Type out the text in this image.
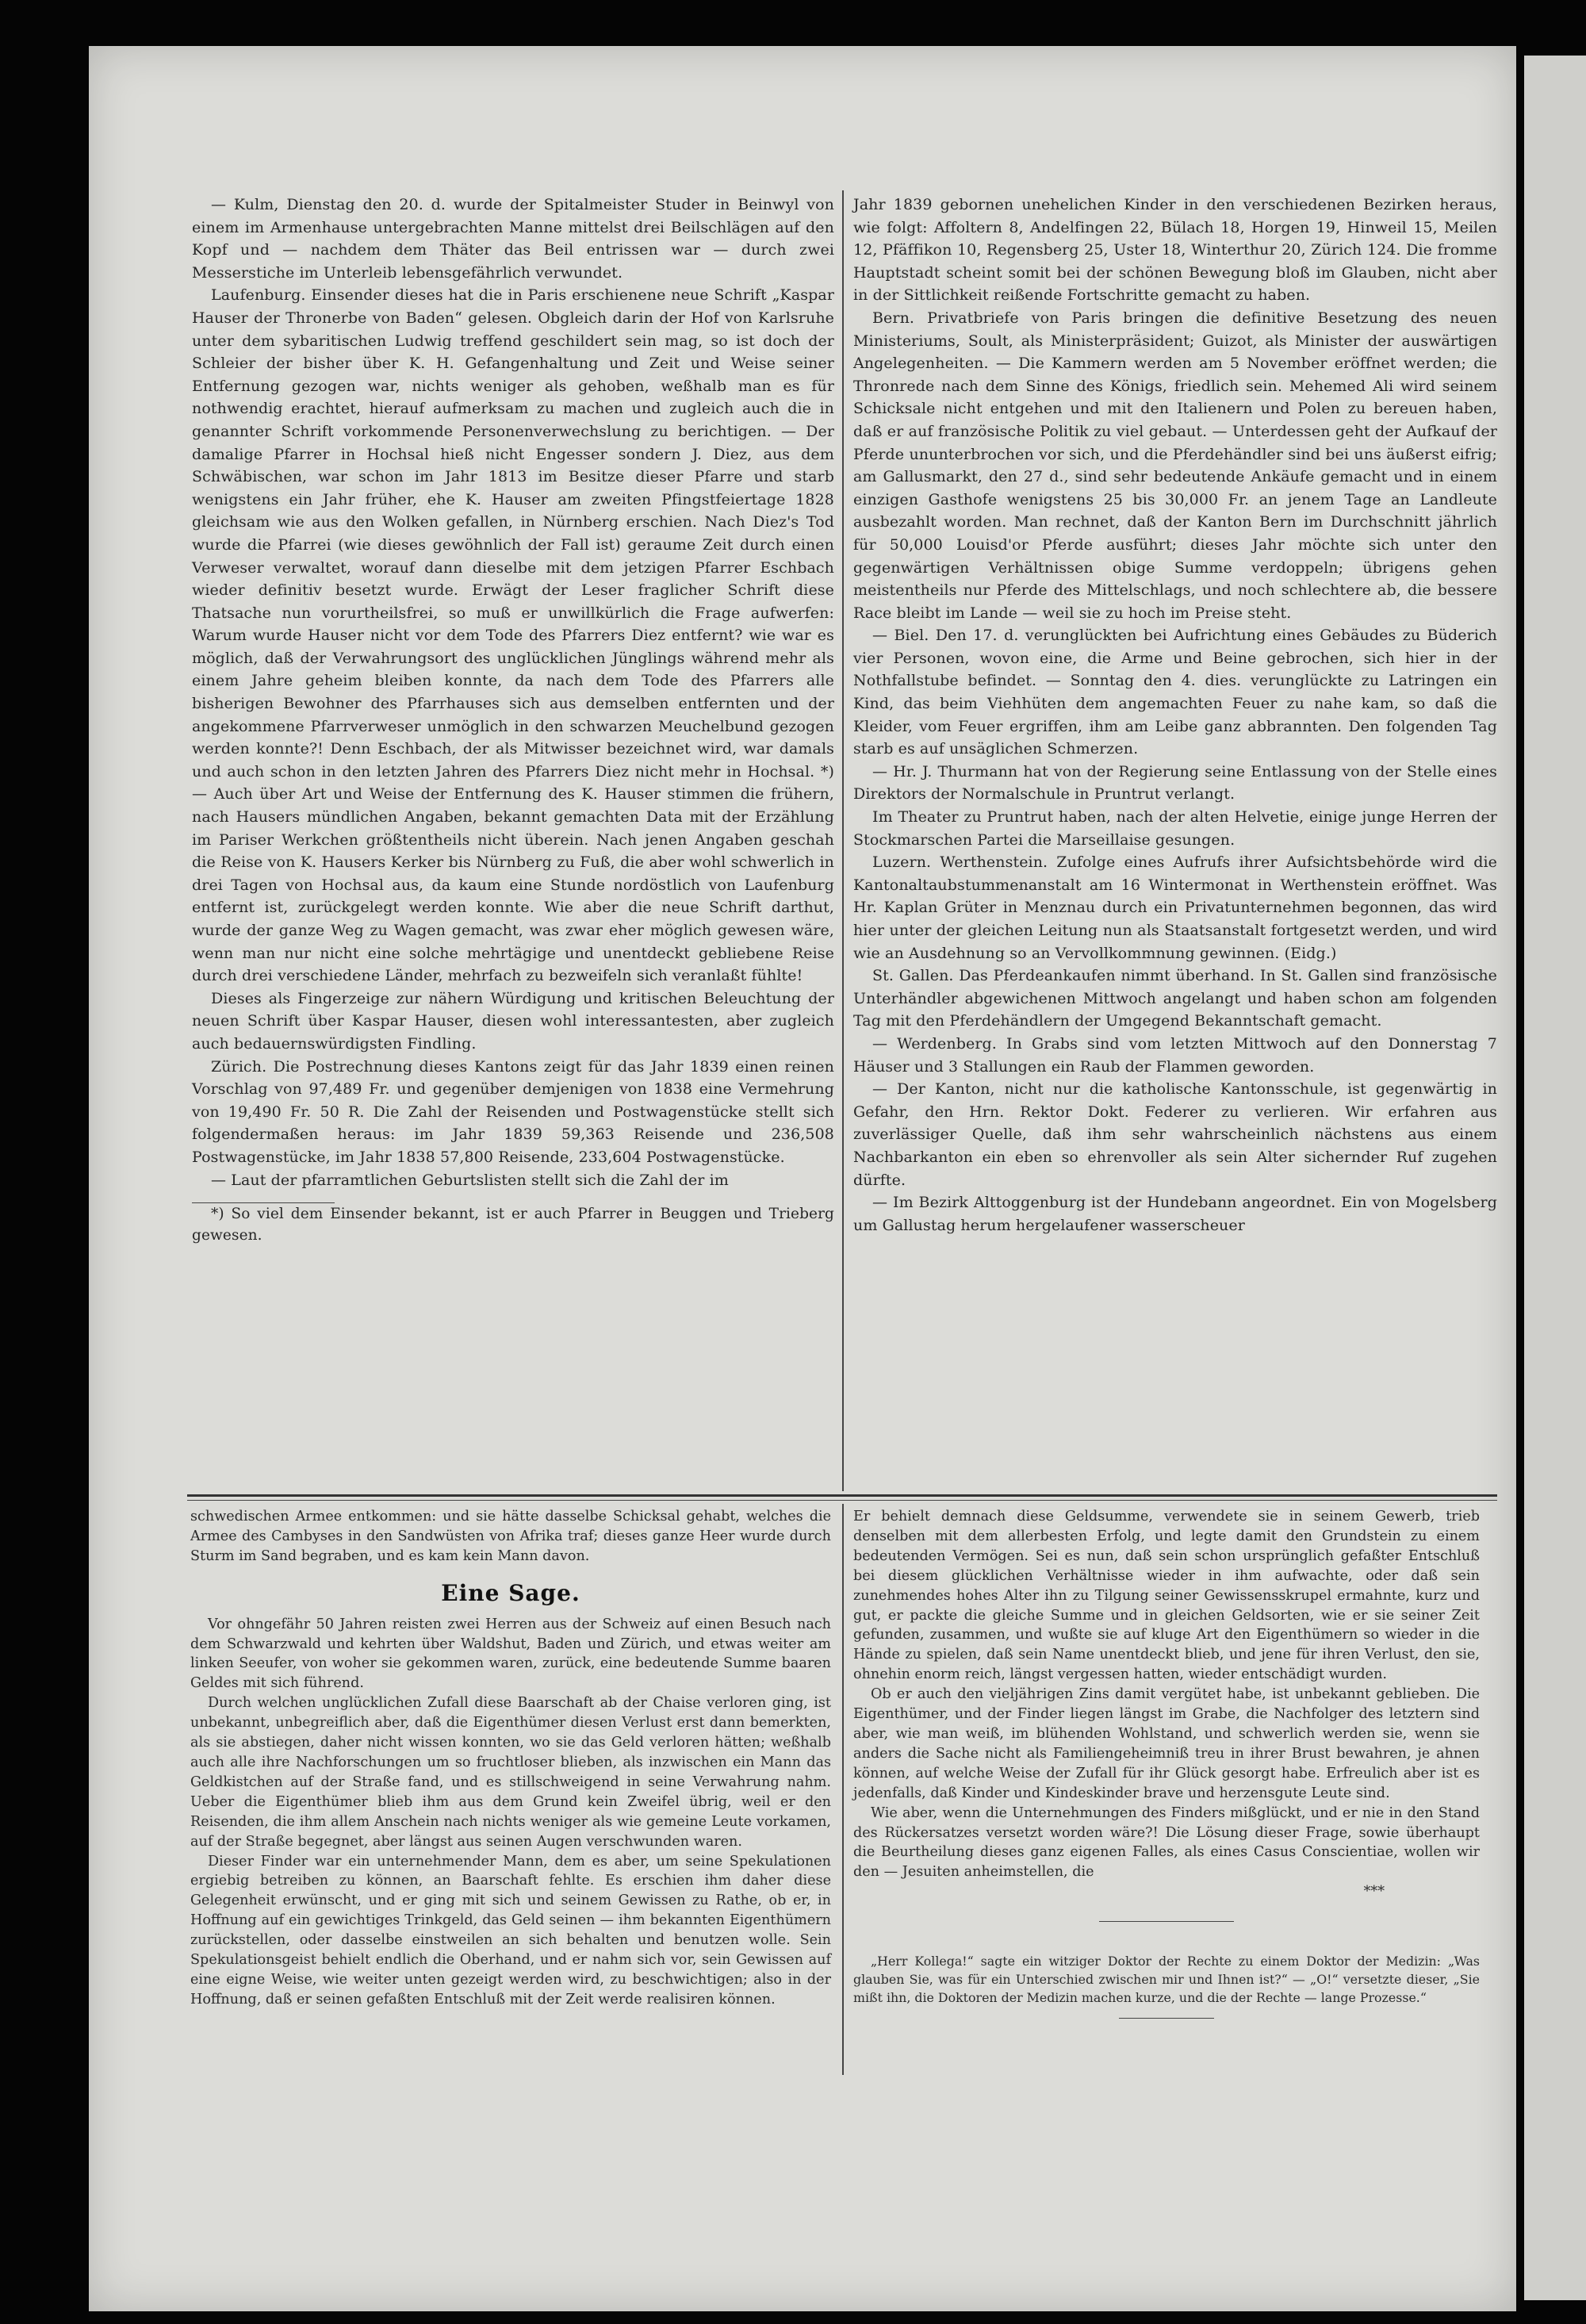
— Kulm, Dienstag den 20. d. wurde der Spitalmeister Studer in Beinwyl von einem im Armenhause untergebrachten Manne mittelst drei Beilschlägen auf den Kopf und — nachdem dem Thäter das Beil entrissen war — durch zwei Messerstiche im Unterleib lebensgefährlich verwundet.

Laufenburg. Einsender dieses hat die in Paris erschienene neue Schrift „Kaspar Hauser der Thronerbe von Baden“ gelesen. Obgleich darin der Hof von Karlsruhe unter dem sybaritischen Ludwig treffend geschildert sein mag, so ist doch der Schleier der bisher über K. H. Gefangenhaltung und Zeit und Weise seiner Entfernung gezogen war, nichts weniger als gehoben, weßhalb man es für nothwendig erachtet, hierauf aufmerksam zu machen und zugleich auch die in genannter Schrift vorkommende Personenverwechslung zu berichtigen. — Der damalige Pfarrer in Hochsal hieß nicht Engesser sondern J. Diez, aus dem Schwäbischen, war schon im Jahr 1813 im Besitze dieser Pfarre und starb wenigstens ein Jahr früher, ehe K. Hauser am zweiten Pfingstfeiertage 1828 gleichsam wie aus den Wolken gefallen, in Nürnberg erschien. Nach Diez's Tod wurde die Pfarrei (wie dieses gewöhnlich der Fall ist) geraume Zeit durch einen Verweser verwaltet, worauf dann dieselbe mit dem jetzigen Pfarrer Eschbach wieder definitiv besetzt wurde. Erwägt der Leser fraglicher Schrift diese Thatsache nun vorurtheilsfrei, so muß er unwillkürlich die Frage aufwerfen: Warum wurde Hauser nicht vor dem Tode des Pfarrers Diez entfernt? wie war es möglich, daß der Verwahrungsort des unglücklichen Jünglings während mehr als einem Jahre geheim bleiben konnte, da nach dem Tode des Pfarrers alle bisherigen Bewohner des Pfarrhauses sich aus demselben entfernten und der angekommene Pfarrverweser unmöglich in den schwarzen Meuchelbund gezogen werden konnte?! Denn Eschbach, der als Mitwisser bezeichnet wird, war damals und auch schon in den letzten Jahren des Pfarrers Diez nicht mehr in Hochsal. *) — Auch über Art und Weise der Entfernung des K. Hauser stimmen die frühern, nach Hausers mündlichen Angaben, bekannt gemachten Data mit der Erzählung im Pariser Werkchen größtentheils nicht überein. Nach jenen Angaben geschah die Reise von K. Hausers Kerker bis Nürnberg zu Fuß, die aber wohl schwerlich in drei Tagen von Hochsal aus, da kaum eine Stunde nordöstlich von Laufenburg entfernt ist, zurückgelegt werden konnte. Wie aber die neue Schrift darthut, wurde der ganze Weg zu Wagen gemacht, was zwar eher möglich gewesen wäre, wenn man nur nicht eine solche mehrtägige und unentdeckt gebliebene Reise durch drei verschiedene Länder, mehrfach zu bezweifeln sich veranlaßt fühlte!

Dieses als Fingerzeige zur nähern Würdigung und kritischen Beleuchtung der neuen Schrift über Kaspar Hauser, diesen wohl interessantesten, aber zugleich auch bedauernswürdigsten Findling.

Zürich. Die Postrechnung dieses Kantons zeigt für das Jahr 1839 einen reinen Vorschlag von 97,489 Fr. und gegenüber demjenigen von 1838 eine Vermehrung von 19,490 Fr. 50 R. Die Zahl der Reisenden und Postwagenstücke stellt sich folgendermaßen heraus: im Jahr 1839 59,363 Reisende und 236,508 Postwagenstücke, im Jahr 1838 57,800 Reisende, 233,604 Postwagenstücke.

— Laut der pfarramtlichen Geburtslisten stellt sich die Zahl der im

*) So viel dem Einsender bekannt, ist er auch Pfarrer in Beuggen und Trieberg gewesen.

Jahr 1839 gebornen unehelichen Kinder in den verschiedenen Bezirken heraus, wie folgt: Affoltern 8, Andelfingen 22, Bülach 18, Horgen 19, Hinweil 15, Meilen 12, Pfäffikon 10, Regensberg 25, Uster 18, Winterthur 20, Zürich 124. Die fromme Hauptstadt scheint somit bei der schönen Bewegung bloß im Glauben, nicht aber in der Sittlichkeit reißende Fortschritte gemacht zu haben.

Bern. Privatbriefe von Paris bringen die definitive Besetzung des neuen Ministeriums, Soult, als Ministerpräsident; Guizot, als Minister der auswärtigen Angelegenheiten. — Die Kammern werden am 5 November eröffnet werden; die Thronrede nach dem Sinne des Königs, friedlich sein. Mehemed Ali wird seinem Schicksale nicht entgehen und mit den Italienern und Polen zu bereuen haben, daß er auf französische Politik zu viel gebaut. — Unterdessen geht der Aufkauf der Pferde ununterbrochen vor sich, und die Pferdehändler sind bei uns äußerst eifrig; am Gallusmarkt, den 27 d., sind sehr bedeutende Ankäufe gemacht und in einem einzigen Gasthofe wenigstens 25 bis 30,000 Fr. an jenem Tage an Landleute ausbezahlt worden. Man rechnet, daß der Kanton Bern im Durchschnitt jährlich für 50,000 Louisd'or Pferde ausführt; dieses Jahr möchte sich unter den gegenwärtigen Verhältnissen obige Summe verdoppeln; übrigens gehen meistentheils nur Pferde des Mittelschlags, und noch schlechtere ab, die bessere Race bleibt im Lande — weil sie zu hoch im Preise steht.

— Biel. Den 17. d. verunglückten bei Aufrichtung eines Gebäudes zu Büderich vier Personen, wovon eine, die Arme und Beine gebrochen, sich hier in der Nothfallstube befindet. — Sonntag den 4. dies. verunglückte zu Latringen ein Kind, das beim Viehhüten dem angemachten Feuer zu nahe kam, so daß die Kleider, vom Feuer ergriffen, ihm am Leibe ganz abbrannten. Den folgenden Tag starb es auf unsäglichen Schmerzen.

— Hr. J. Thurmann hat von der Regierung seine Entlassung von der Stelle eines Direktors der Normalschule in Pruntrut verlangt.

Im Theater zu Pruntrut haben, nach der alten Helvetie, einige junge Herren der Stockmarschen Partei die Marseillaise gesungen.

Luzern. Werthenstein. Zufolge eines Aufrufs ihrer Aufsichtsbehörde wird die Kantonaltaubstummenanstalt am 16 Wintermonat in Werthenstein eröffnet. Was Hr. Kaplan Grüter in Menznau durch ein Privatunternehmen begonnen, das wird hier unter der gleichen Leitung nun als Staatsanstalt fortgesetzt werden, und wird wie an Ausdehnung so an Vervollkommnung gewinnen. (Eidg.)

St. Gallen. Das Pferdeankaufen nimmt überhand. In St. Gallen sind französische Unterhändler abgewichenen Mittwoch angelangt und haben schon am folgenden Tag mit den Pferdehändlern der Umgegend Bekanntschaft gemacht.

— Werdenberg. In Grabs sind vom letzten Mittwoch auf den Donnerstag 7 Häuser und 3 Stallungen ein Raub der Flammen geworden.

— Der Kanton, nicht nur die katholische Kantonsschule, ist gegenwärtig in Gefahr, den Hrn. Rektor Dokt. Federer zu verlieren. Wir erfahren aus zuverlässiger Quelle, daß ihm sehr wahrscheinlich nächstens aus einem Nachbarkanton ein eben so ehrenvoller als sein Alter sichernder Ruf zugehen dürfte.

— Im Bezirk Alttoggenburg ist der Hundebann angeordnet. Ein von Mogelsberg um Gallustag herum hergelaufener wasserscheuer

schwedischen Armee entkommen: und sie hätte dasselbe Schicksal gehabt, welches die Armee des Cambyses in den Sandwüsten von Afrika traf; dieses ganze Heer wurde durch Sturm im Sand begraben, und es kam kein Mann davon.

Eine Sage.

Vor ohngefähr 50 Jahren reisten zwei Herren aus der Schweiz auf einen Besuch nach dem Schwarzwald und kehrten über Waldshut, Baden und Zürich, und etwas weiter am linken Seeufer, von woher sie gekommen waren, zurück, eine bedeutende Summe baaren Geldes mit sich führend.

Durch welchen unglücklichen Zufall diese Baarschaft ab der Chaise verloren ging, ist unbekannt, unbegreiflich aber, daß die Eigenthümer diesen Verlust erst dann bemerkten, als sie abstiegen, daher nicht wissen konnten, wo sie das Geld verloren hätten; weßhalb auch alle ihre Nachforschungen um so fruchtloser blieben, als inzwischen ein Mann das Geldkistchen auf der Straße fand, und es stillschweigend in seine Verwahrung nahm. Ueber die Eigenthümer blieb ihm aus dem Grund kein Zweifel übrig, weil er den Reisenden, die ihm allem Anschein nach nichts weniger als wie gemeine Leute vorkamen, auf der Straße begegnet, aber längst aus seinen Augen verschwunden waren.

Dieser Finder war ein unternehmender Mann, dem es aber, um seine Spekulationen ergiebig betreiben zu können, an Baarschaft fehlte. Es erschien ihm daher diese Gelegenheit erwünscht, und er ging mit sich und seinem Gewissen zu Rathe, ob er, in Hoffnung auf ein gewichtiges Trinkgeld, das Geld seinen — ihm bekannten Eigenthümern zurückstellen, oder dasselbe einstweilen an sich behalten und benutzen wolle. Sein Spekulationsgeist behielt endlich die Oberhand, und er nahm sich vor, sein Gewissen auf eine eigne Weise, wie weiter unten gezeigt werden wird, zu beschwichtigen; also in der Hoffnung, daß er seinen gefaßten Entschluß mit der Zeit werde realisiren können.

Er behielt demnach diese Geldsumme, verwendete sie in seinem Gewerb, trieb denselben mit dem allerbesten Erfolg, und legte damit den Grundstein zu einem bedeutenden Vermögen. Sei es nun, daß sein schon ursprünglich gefaßter Entschluß bei diesem glücklichen Verhältnisse wieder in ihm aufwachte, oder daß sein zunehmendes hohes Alter ihn zu Tilgung seiner Gewissensskrupel ermahnte, kurz und gut, er packte die gleiche Summe und in gleichen Geldsorten, wie er sie seiner Zeit gefunden, zusammen, und wußte sie auf kluge Art den Eigenthümern so wieder in die Hände zu spielen, daß sein Name unentdeckt blieb, und jene für ihren Verlust, den sie, ohnehin enorm reich, längst vergessen hatten, wieder entschädigt wurden.

Ob er auch den vieljährigen Zins damit vergütet habe, ist unbekannt geblieben. Die Eigenthümer, und der Finder liegen längst im Grabe, die Nachfolger des letztern sind aber, wie man weiß, im blühenden Wohlstand, und schwerlich werden sie, wenn sie anders die Sache nicht als Familiengeheimniß treu in ihrer Brust bewahren, je ahnen können, auf welche Weise der Zufall für ihr Glück gesorgt habe. Erfreulich aber ist es jedenfalls, daß Kinder und Kindeskinder brave und herzensgute Leute sind.

Wie aber, wenn die Unternehmungen des Finders mißglückt, und er nie in den Stand des Rückersatzes versetzt worden wäre?! Die Lösung dieser Frage, sowie überhaupt die Beurtheilung dieses ganz eigenen Falles, als eines Casus Conscientiae, wollen wir den — Jesuiten anheimstellen, die

***

„Herr Kollega!“ sagte ein witziger Doktor der Rechte zu einem Doktor der Medizin: „Was glauben Sie, was für ein Unterschied zwischen mir und Ihnen ist?“ — „O!“ versetzte dieser, „Sie mißt ihn, die Doktoren der Medizin machen kurze, und die der Rechte — lange Prozesse.“
